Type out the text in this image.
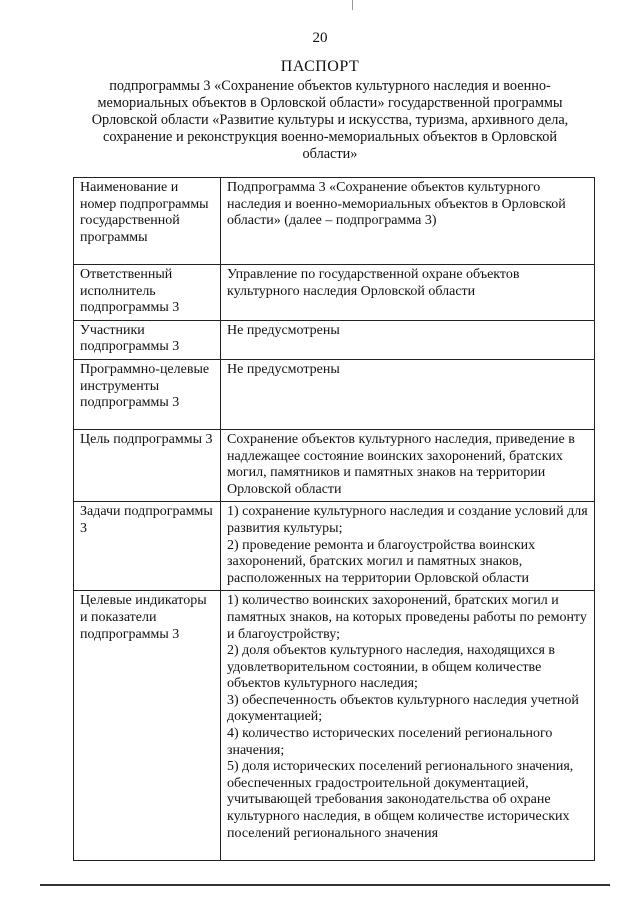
20
ПАСПОРТ
подпрограммы 3 «Сохранение объектов культурного наследия и военно-мемориальных объектов в Орловской области» государственной программы Орловской области «Развитие культуры и искусства, туризма, архивного дела, сохранение и реконструкция военно-мемориальных объектов в Орловской области»
Наименование и номер подпрограммы государственной программы	Подпрограмма 3 «Сохранение объектов культурного наследия и военно-мемориальных объектов в Орловской области» (далее – подпрограмма 3)

Ответственный исполнитель подпрограммы 3	Управление по государственной охране объектов культурного наследия Орловской области

Участники подпрограммы 3	Не предусмотрены

Программно-целевые инструменты подпрограммы 3	Не предусмотрены

Цель подпрограммы 3	Сохранение объектов культурного наследия, приведение в надлежащее состояние воинских захоронений, братских могил, памятников и памятных знаков на территории Орловской области

Задачи подпрограммы 3	1) сохранение культурного наследия и создание условий для развития культуры;
2) проведение ремонта и благоустройства воинских захоронений, братских могил и памятных знаков, расположенных на территории Орловской области

Целевые индикаторы и показатели подпрограммы 3	1) количество воинских захоронений, братских могил и памятных знаков, на которых проведены работы по ремонту и благоустройству;
2) доля объектов культурного наследия, находящихся в удовлетворительном состоянии, в общем количестве объектов культурного наследия;
3) обеспеченность объектов культурного наследия учетной документацией;
4) количество исторических поселений регионального значения;
5) доля исторических поселений регионального значения, обеспеченных градостроительной документацией, учитывающей требования законодательства об охране культурного наследия, в общем количестве исторических поселений регионального значения
